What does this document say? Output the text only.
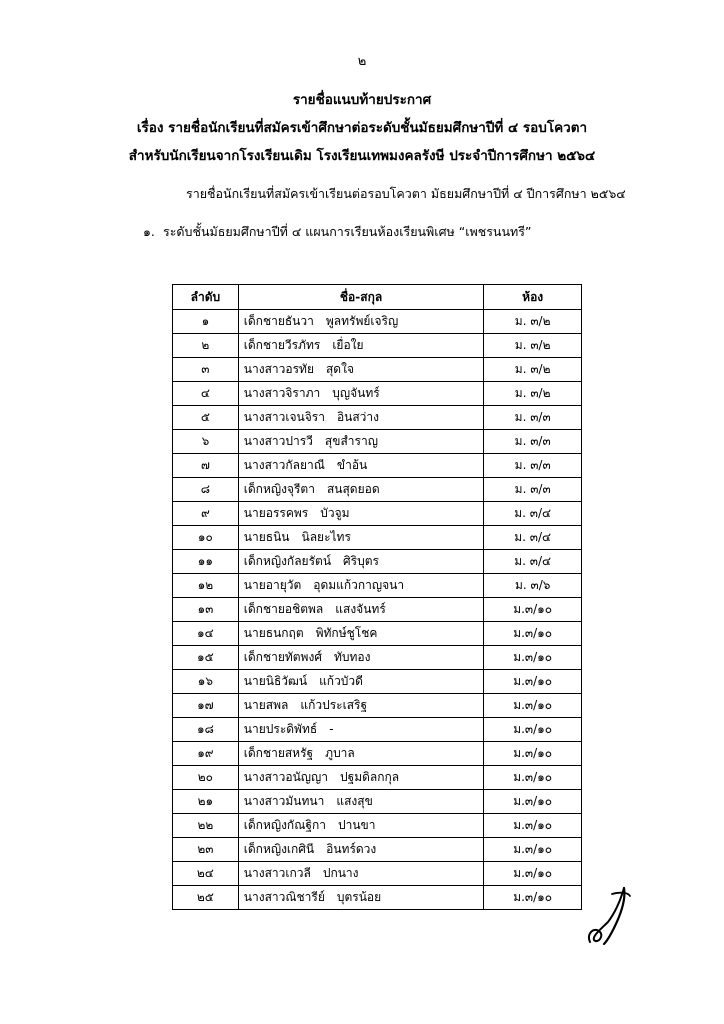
๒
รายชื่อแนบท้ายประกาศ
เรื่อง รายชื่อนักเรียนที่สมัครเข้าศึกษาต่อระดับชั้นมัธยมศึกษาปีที่ ๔ รอบโควตา
สำหรับนักเรียนจากโรงเรียนเดิม โรงเรียนเทพมงคลรังษี ประจำปีการศึกษา ๒๕๖๔
รายชื่อนักเรียนที่สมัครเข้าเรียนต่อรอบโควตา มัธยมศึกษาปีที่ ๔ ปีการศึกษา ๒๕๖๔
๑. ระดับชั้นมัธยมศึกษาปีที่ ๔ แผนการเรียนห้องเรียนพิเศษ “เพชรนนทรี”
ลำดับ	ชื่อ-สกุล	ห้อง
๑	เด็กชายธันวา พูลทรัพย์เจริญ	ม. ๓/๒
๒	เด็กชายวีรภัทร เยื่อใย	ม. ๓/๒
๓	นางสาวอรทัย สุดใจ	ม. ๓/๒
๔	นางสาวจิราภา บุญจันทร์	ม. ๓/๒
๕	นางสาวเจนจิรา อินสว่าง	ม. ๓/๓
๖	นางสาวปารวี สุขสำราญ	ม. ๓/๓
๗	นางสาวกัลยาณี ขำอ้น	ม. ๓/๓
๘	เด็กหญิงจุรีตา สนสุดยอด	ม. ๓/๓
๙	นายอรรคพร บัวจูม	ม. ๓/๔
๑๐	นายธนิน นิลยะไทร	ม. ๓/๔
๑๑	เด็กหญิงกัลยรัตน์ ศิริบุตร	ม. ๓/๔
๑๒	นายอายุวัต อุดมแก้วกาญจนา	ม. ๓/๖
๑๓	เด็กชายอชิตพล แสงจันทร์	ม.๓/๑๐
๑๔	นายธนกฤต พิทักษ์ชูโชค	ม.๓/๑๐
๑๕	เด็กชายทัตพงศ์ ทับทอง	ม.๓/๑๐
๑๖	นายนิธิวัฒน์ แก้วบัวดี	ม.๓/๑๐
๑๗	นายสพล แก้วประเสริฐ	ม.๓/๑๐
๑๘	นายประดิพัทธ์ -	ม.๓/๑๐
๑๙	เด็กชายสหรัฐ ภูบาล	ม.๓/๑๐
๒๐	นางสาวอนัญญา ปฐมดิลกกุล	ม.๓/๑๐
๒๑	นางสาวมันทนา แสงสุข	ม.๓/๑๐
๒๒	เด็กหญิงกัณฐิกา ปานขา	ม.๓/๑๐
๒๓	เด็กหญิงเกศินี อินทร์ดวง	ม.๓/๑๐
๒๔	นางสาวเกวลี ปกนาง	ม.๓/๑๐
๒๕	นางสาวณิชารีย์ บุตรน้อย	ม.๓/๑๐
